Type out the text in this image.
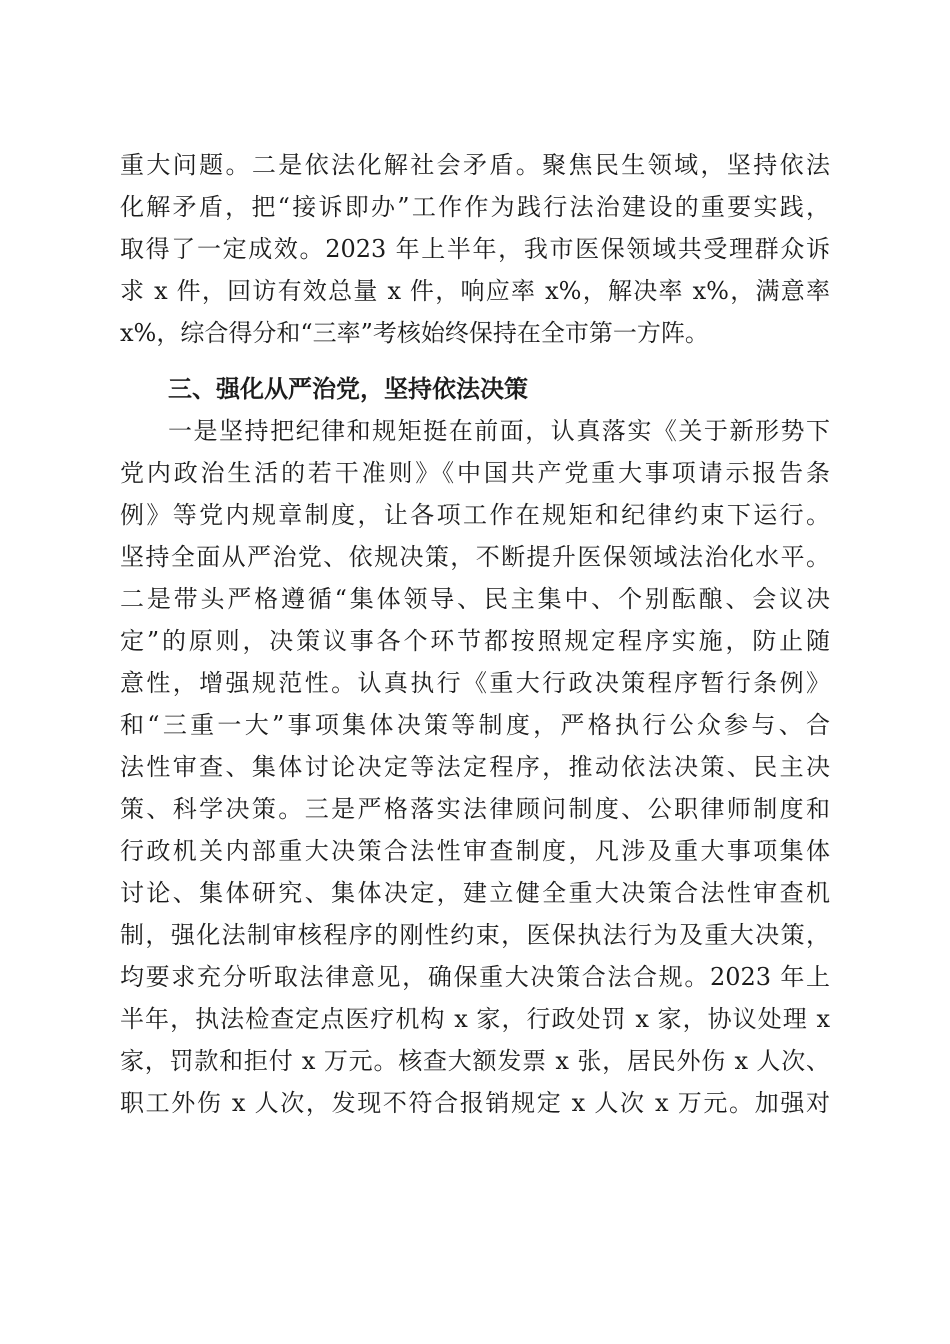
重大问题。二是依法化解社会矛盾。聚焦民生领域，坚持依法
化解矛盾，把“接诉即办”工作作为践行法治建设的重要实践，
取得了一定成效。2023 年上半年，我市医保领域共受理群众诉
求 x 件，回访有效总量 x 件，响应率 x%，解决率 x%，满意率
x%，综合得分和“三率”考核始终保持在全市第一方阵。
三、强化从严治党，坚持依法决策
一是坚持把纪律和规矩挺在前面，认真落实《关于新形势下
党内政治生活的若干准则》《中国共产党重大事项请示报告条
例》等党内规章制度，让各项工作在规矩和纪律约束下运行。
坚持全面从严治党、依规决策，不断提升医保领域法治化水平。
二是带头严格遵循“集体领导、民主集中、个别酝酿、会议决
定”的原则，决策议事各个环节都按照规定程序实施，防止随
意性，增强规范性。认真执行《重大行政决策程序暂行条例》
和“三重一大”事项集体决策等制度，严格执行公众参与、合
法性审查、集体讨论决定等法定程序，推动依法决策、民主决
策、科学决策。三是严格落实法律顾问制度、公职律师制度和
行政机关内部重大决策合法性审查制度，凡涉及重大事项集体
讨论、集体研究、集体决定，建立健全重大决策合法性审查机
制，强化法制审核程序的刚性约束，医保执法行为及重大决策，
均要求充分听取法律意见，确保重大决策合法合规。2023 年上
半年，执法检查定点医疗机构 x 家，行政处罚 x 家，协议处理 x
家，罚款和拒付 x 万元。核查大额发票 x 张，居民外伤 x 人次、
职工外伤 x 人次，发现不符合报销规定 x 人次 x 万元。加强对
